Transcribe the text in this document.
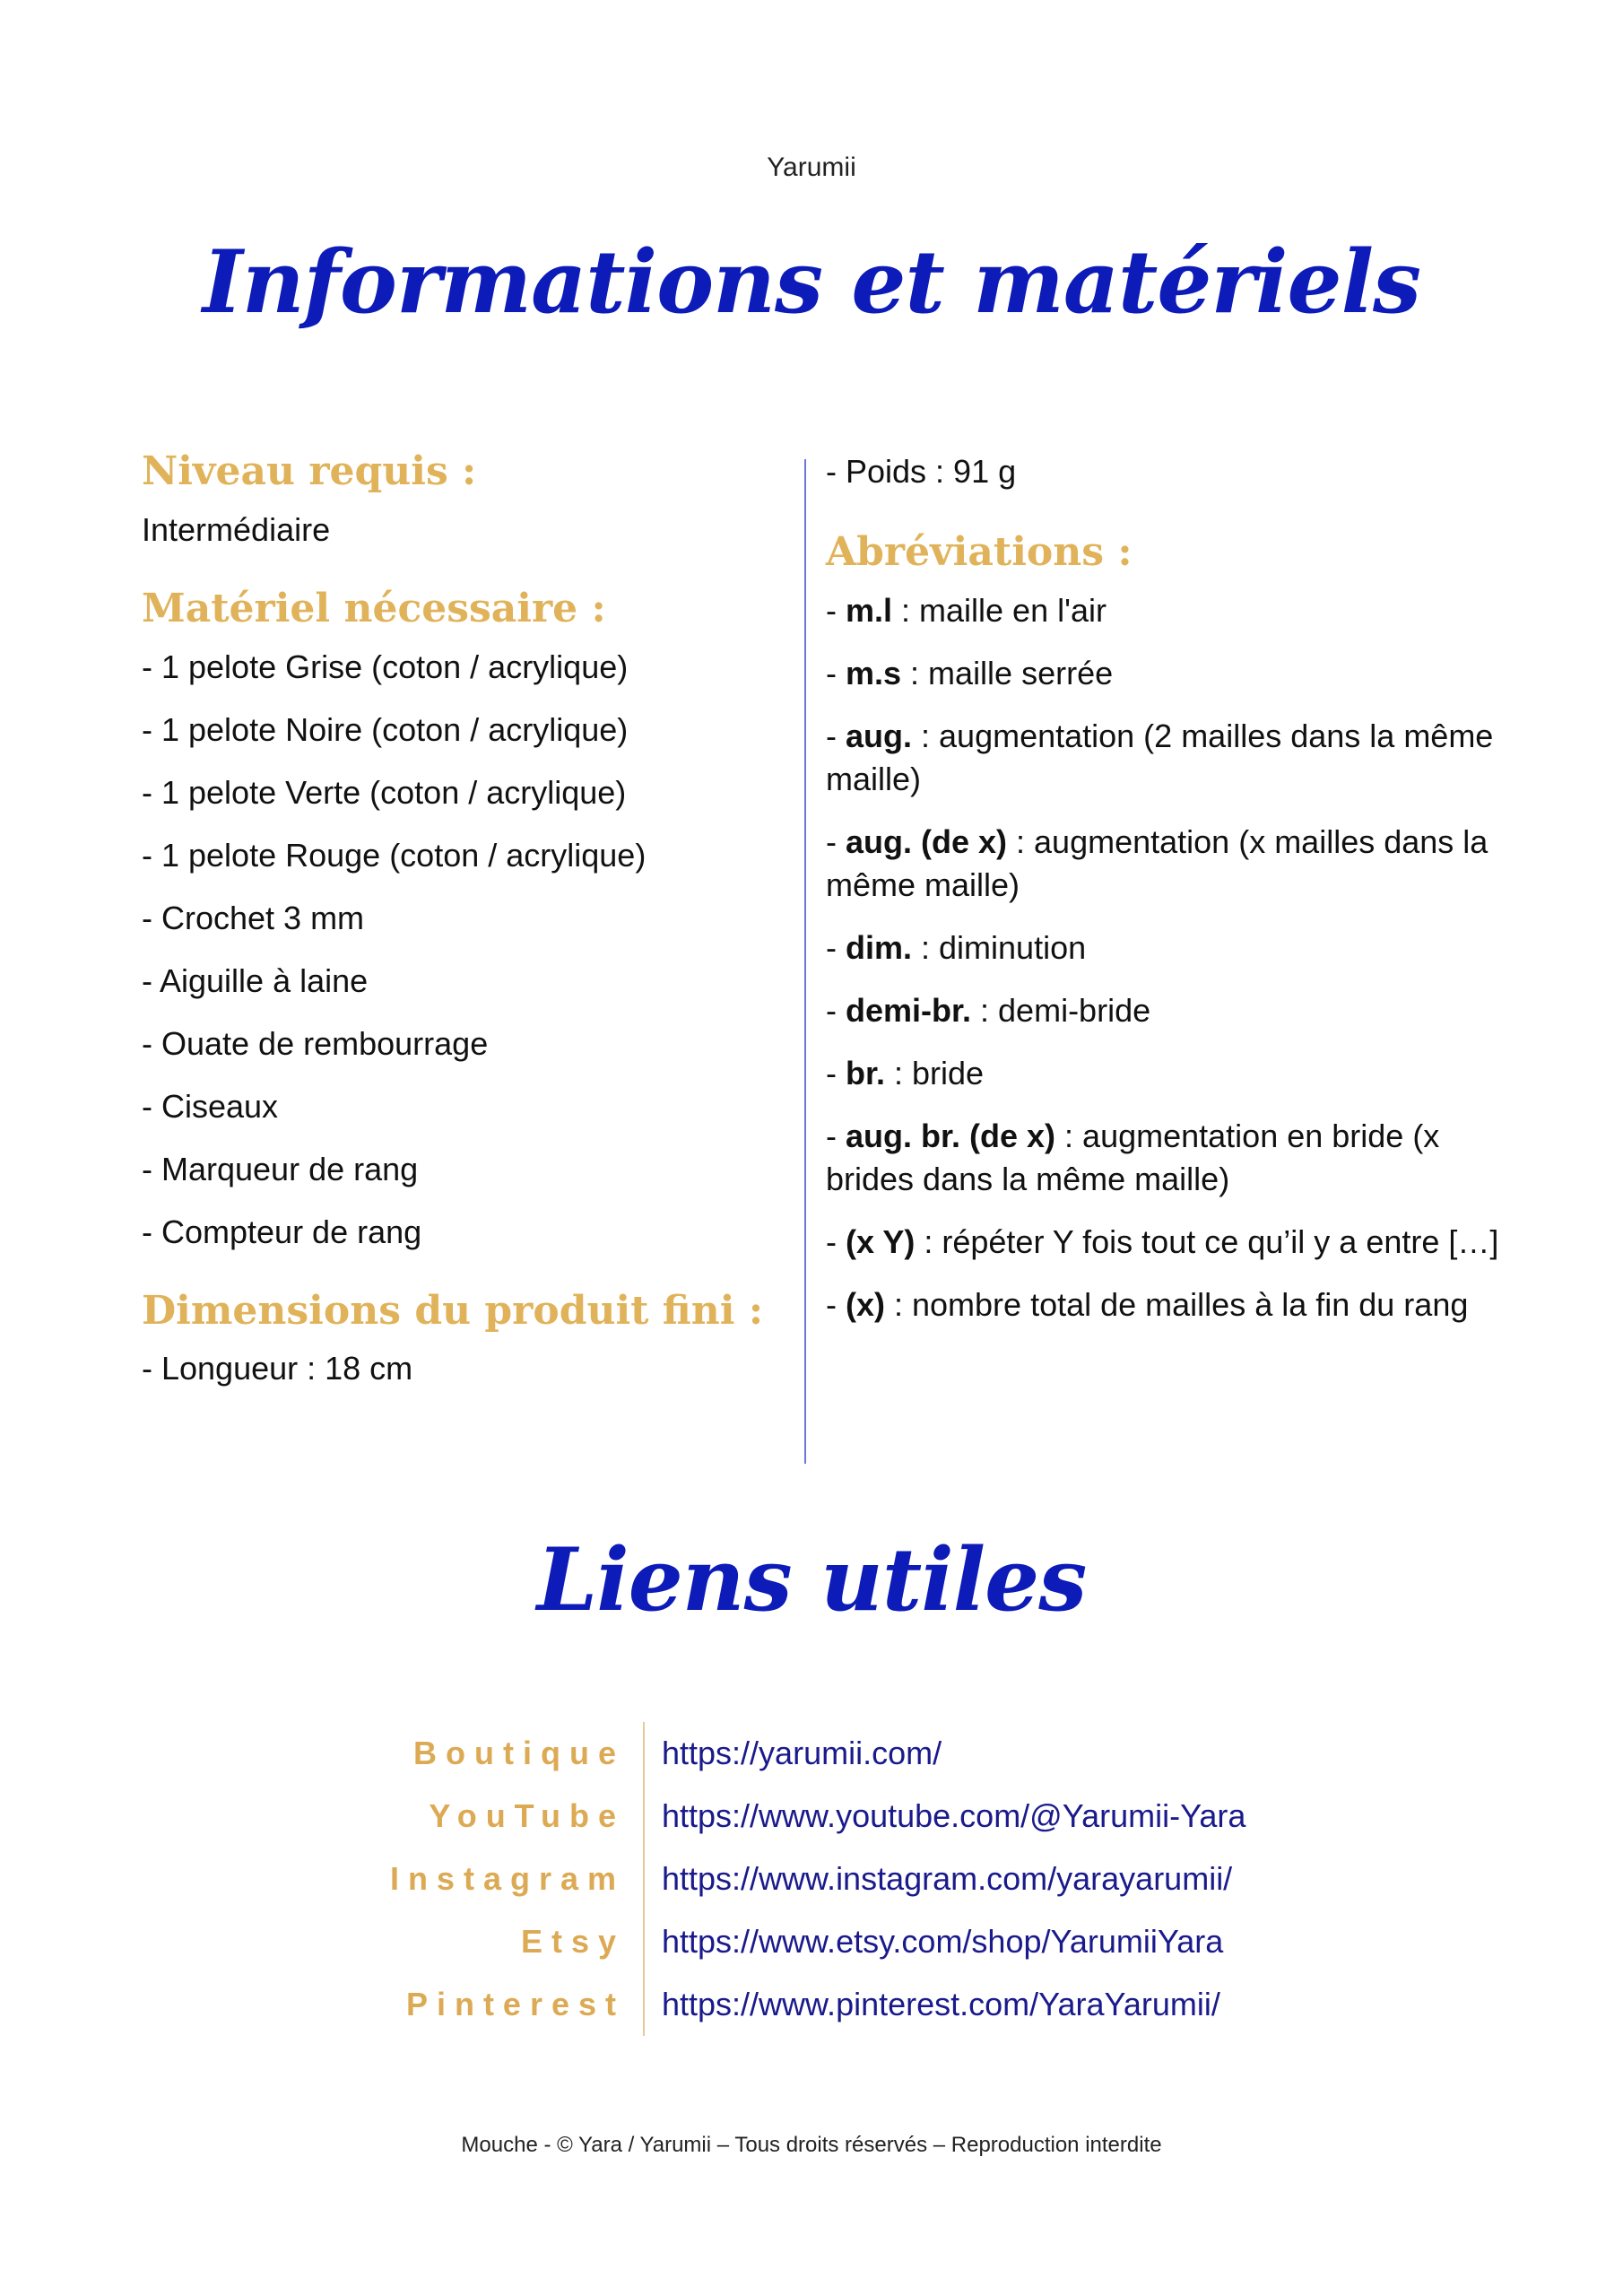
Yarumii
Informations et matériels

Niveau requis :

Intermédiaire

Matériel nécessaire :

- 1 pelote Grise (coton / acrylique)

- 1 pelote Noire (coton / acrylique)

- 1 pelote Verte (coton / acrylique)

- 1 pelote Rouge (coton / acrylique)

- Crochet 3 mm

- Aiguille à laine

- Ouate de rembourrage

- Ciseaux

- Marqueur de rang

- Compteur de rang

Dimensions du produit fini :

- Longueur : 18 cm

- Poids : 91 g

Abréviations :

- m.l : maille en l'air

- m.s : maille serrée

- aug. : augmentation (2 mailles dans la même maille)

- aug. (de x) : augmentation (x mailles dans la même maille)

- dim. : diminution

- demi-br. : demi-bride

- br. : bride

- aug. br. (de x) : augmentation en bride (x brides dans la même maille)

- (x Y) : répéter Y fois tout ce qu’il y a entre […]

- (x) : nombre total de mailles à la fin du rang

Liens utiles
Boutique
YouTube
Instagram
Etsy
Pinterest
https://yarumii.com/
https://www.youtube.com/@Yarumii-Yara
https://www.instagram.com/yarayarumii/
https://www.etsy.com/shop/YarumiiYara
https://www.pinterest.com/YaraYarumii/
Mouche - © Yara / Yarumii – Tous droits réservés – Reproduction interdite
